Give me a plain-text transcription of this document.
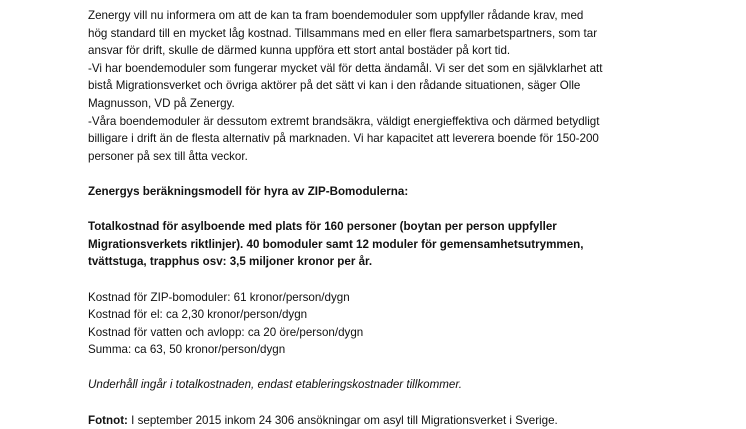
Zenergy vill nu informera om att de kan ta fram boendemoduler som uppfyller rådande krav, med
hög standard till en mycket låg kostnad. Tillsammans med en eller flera samarbetspartners, som tar
ansvar för drift, skulle de därmed kunna uppföra ett stort antal bostäder på kort tid.
-Vi har boendemoduler som fungerar mycket väl för detta ändamål. Vi ser det som en självklarhet att
bistå Migrationsverket och övriga aktörer på det sätt vi kan i den rådande situationen, säger Olle
Magnusson, VD på Zenergy.
-Våra boendemoduler är dessutom extremt brandsäkra, väldigt energieffektiva och därmed betydligt
billigare i drift än de flesta alternativ på marknaden. Vi har kapacitet att leverera boende för 150-200
personer på sex till åtta veckor.
Zenergys beräkningsmodell för hyra av ZIP-Bomodulerna:
Totalkostnad för asylboende med plats för 160 personer (boytan per person uppfyller
Migrationsverkets riktlinjer). 40 bomoduler samt 12 moduler för gemensamhetsutrymmen,
tvättstuga, trapphus osv: 3,5 miljoner kronor per år.
Kostnad för ZIP-bomoduler: 61 kronor/person/dygn
Kostnad för el: ca 2,30 kronor/person/dygn
Kostnad för vatten och avlopp: ca 20 öre/person/dygn
Summa: ca 63, 50 kronor/person/dygn
Underhåll ingår i totalkostnaden, endast etableringskostnader tillkommer.
Fotnot: I september 2015 inkom 24 306 ansökningar om asyl till Migrationsverket i Sverige.
